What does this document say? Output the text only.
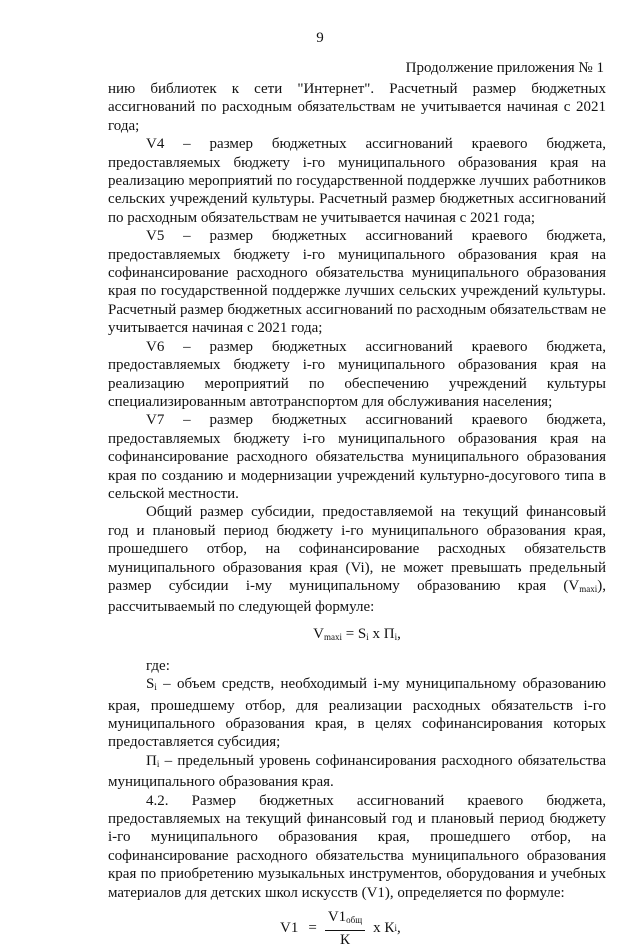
9
Продолжение приложения № 1

нию библиотек к сети "Интернет". Расчетный размер бюджетных ассигнований по расходным обязательствам не учитывается начиная с 2021 года;

V4 – размер бюджетных ассигнований краевого бюджета, предоставляемых бюджету i-го муниципального образования края на реализацию мероприятий по государственной поддержке лучших работников сельских учреждений культуры. Расчетный размер бюджетных ассигнований по расходным обязательствам не учитывается начиная с 2021 года;

V5 – размер бюджетных ассигнований краевого бюджета, предоставляемых бюджету i-го муниципального образования края на софинансирование расходного обязательства муниципального образования края по государственной поддержке лучших сельских учреждений культуры. Расчетный размер бюджетных ассигнований по расходным обязательствам не учитывается начиная с 2021 года;

V6 – размер бюджетных ассигнований краевого бюджета, предоставляемых бюджету i-го муниципального образования края на реализацию мероприятий по обеспечению учреждений культуры специализированным автотранспортом для обслуживания населения;

V7 – размер бюджетных ассигнований краевого бюджета, предоставляемых бюджету i-го муниципального образования края на софинансирование расходного обязательства муниципального образования края по созданию и модернизации учреждений культурно-досугового типа в сельской местности.

Общий размер субсидии, предоставляемой на текущий финансовый год и плановый период бюджету i-го муниципального образования края, прошедшего отбор, на софинансирование расходных обязательств муниципального образования края (Vi), не может превышать предельный размер субсидии i-му муниципальному образованию края $(V_{maxi})$, рассчитываемый по следующей формуле:

$V_{maxi} = S_i$ x $П_i$,

где:

$S_i$ – объем средств, необходимый i-му муниципальному образованию края, прошедшему отбор, для реализации расходных обязательств i-го муниципального образования края, в целях софинансирования которых предоставляется субсидия;

$П_i$ – предельный уровень софинансирования расходного обязательства муниципального образования края.

4.2. Размер бюджетных ассигнований краевого бюджета, предоставляемых на текущий финансовый год и плановый период бюджету i-го муниципального образования края, прошедшего отбор, на софинансирование расходного обязательства муниципального образования края по приобретению музыкальных инструментов, оборудования и учебных материалов для детских школ искусств (V1), определяется по формуле:

$V1 = \frac{V1_{общ}}{К}$ x К i ,
